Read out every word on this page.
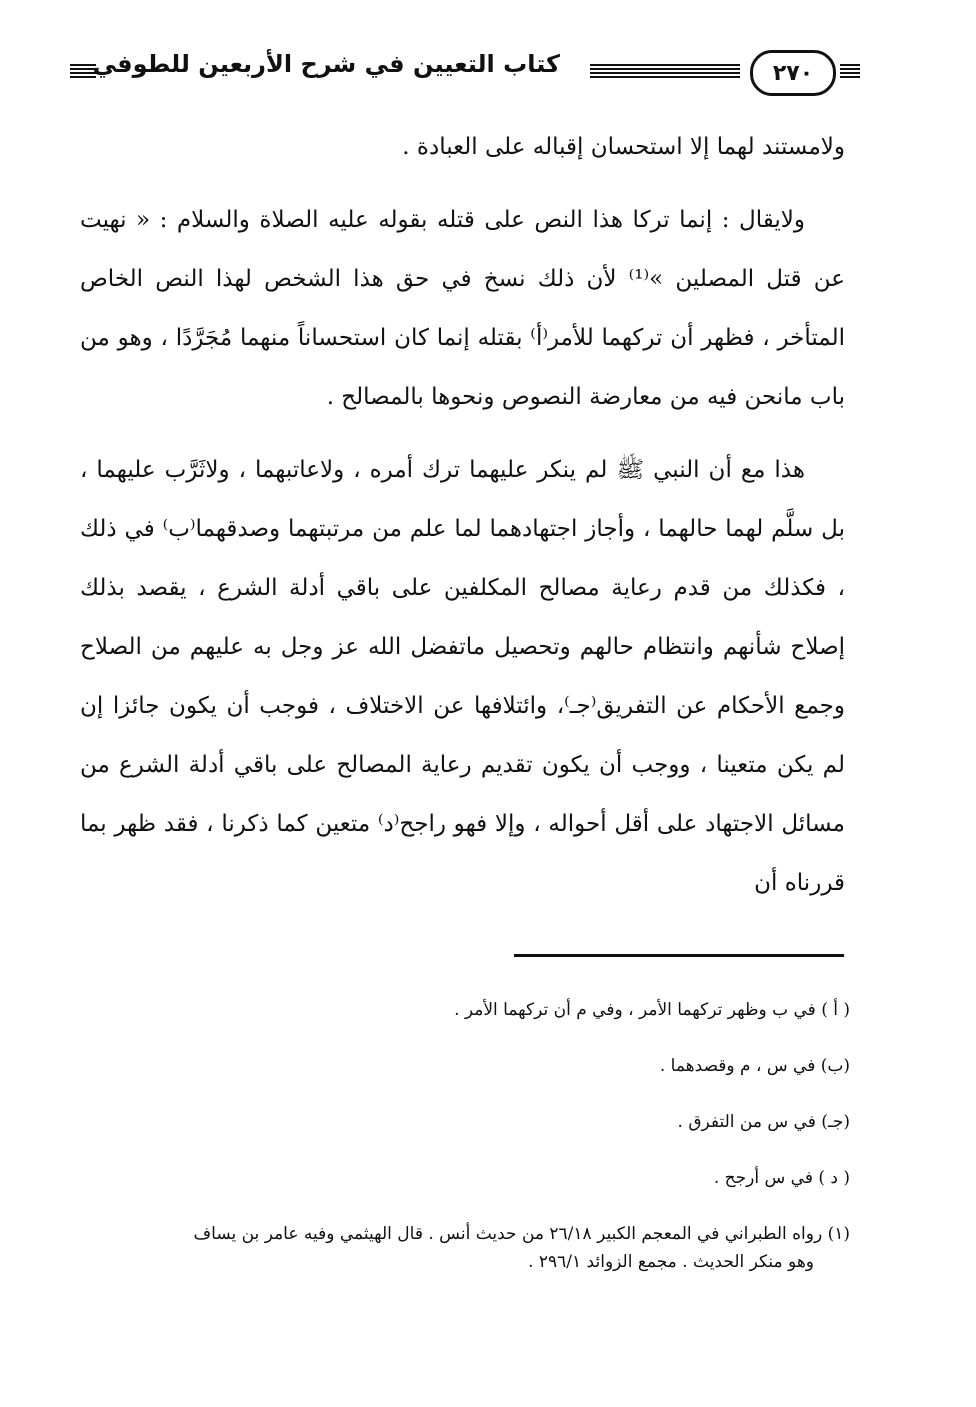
كتاب التعيين في شرح الأربعين للطوفي	٢٧٠

ولامستند لهما إلا استحسان إقباله على العبادة .

ولايقال : إنما تركا هذا النص على قتله بقوله عليه الصلاة والسلام : « نهيت عن قتل المصلين »⁽¹⁾ لأن ذلك نسخ في حق هذا الشخص لهذا النص الخاص المتأخر ، فظهر أن تركهما للأمر⁽أ⁾ بقتله إنما كان استحساناً منهما مُجَرَّدًا ، وهو من باب مانحن فيه من معارضة النصوص ونحوها بالمصالح .

هذا مع أن النبي ﷺ لم ينكر عليهما ترك أمره ، ولاعاتبهما ، ولاثَرَّب عليهما ، بل سلَّم لهما حالهما ، وأجاز اجتهادهما لما علم من مرتبتهما وصدقهما⁽ب⁾ في ذلك ، فكذلك من قدم رعاية مصالح المكلفين على باقي أدلة الشرع ، يقصد بذلك إصلاح شأنهم وانتظام حالهم وتحصيل ماتفضل الله عز وجل به عليهم من الصلاح وجمع الأحكام عن التفريق⁽جـ⁾، وائتلافها عن الاختلاف ، فوجب أن يكون جائزا إن لم يكن متعينا ، ووجب أن يكون تقديم رعاية المصالح على باقي أدلة الشرع من مسائل الاجتهاد على أقل أحواله ، وإلا فهو راجح⁽د⁾ متعين كما ذكرنا ، فقد ظهر بما قررناه أن

( أ ) في ب وظهر تركهما الأمر ، وفي م أن تركهما الأمر .
(ب) في س ، م وقصدهما .
(جـ) في س من التفرق .
( د ) في س أرجح .
(١) رواه الطبراني في المعجم الكبير ٢٦/١٨ من حديث أنس . قال الهيثمي وفيه عامر بن يساف
وهو منكر الحديث . مجمع الزوائد ٢٩٦/١ .
